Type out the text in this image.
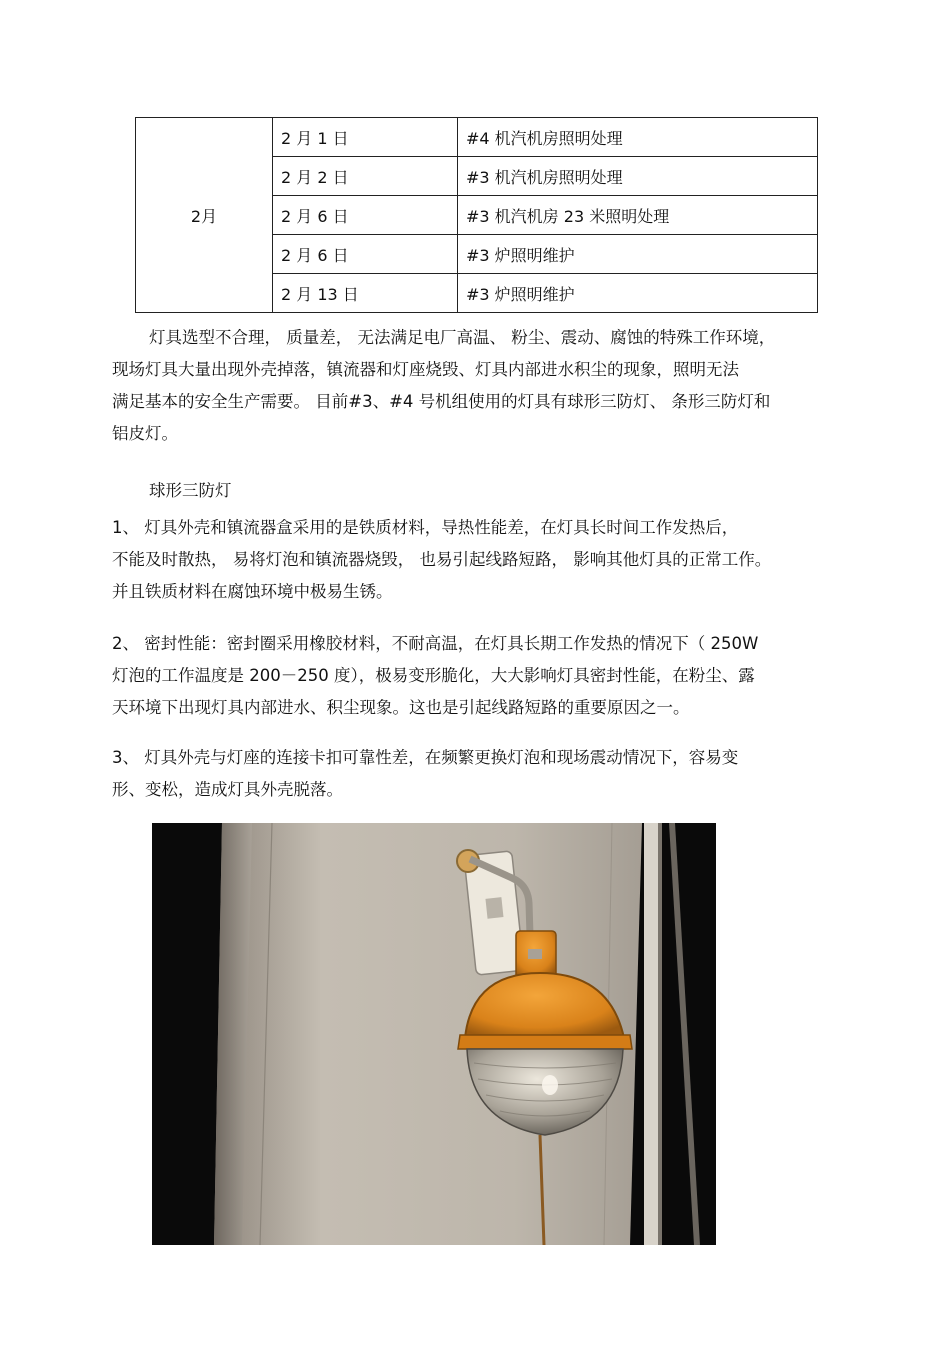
2月	2 月 1 日	#4 机汽机房照明处理
	2 月 2 日	#3 机汽机房照明处理
	2 月 6 日	#3 机汽机房 23 米照明处理
	2 月 6 日	#3 炉照明维护
	2 月 13 日	#3 炉照明维护
灯具选型不合理， 质量差， 无法满足电厂高温、 粉尘、震动、腐蚀的特殊工作环境，
现场灯具大量出现外壳掉落，镇流器和灯座烧毁、灯具内部进水积尘的现象，照明无法
满足基本的安全生产需要。 目前#3、#4 号机组使用的灯具有球形三防灯、 条形三防灯和
铝皮灯。
球形三防灯
1、 灯具外壳和镇流器盒采用的是铁质材料，导热性能差，在灯具长时间工作发热后，
不能及时散热， 易将灯泡和镇流器烧毁， 也易引起线路短路， 影响其他灯具的正常工作。
并且铁质材料在腐蚀环境中极易生锈。
2、 密封性能：密封圈采用橡胶材料，不耐高温，在灯具长期工作发热的情况下（ 250W
灯泡的工作温度是 200－250 度），极易变形脆化，大大影响灯具密封性能，在粉尘、露
天环境下出现灯具内部进水、积尘现象。这也是引起线路短路的重要原因之一。
3、 灯具外壳与灯座的连接卡扣可靠性差，在频繁更换灯泡和现场震动情况下，容易变
形、变松，造成灯具外壳脱落。
